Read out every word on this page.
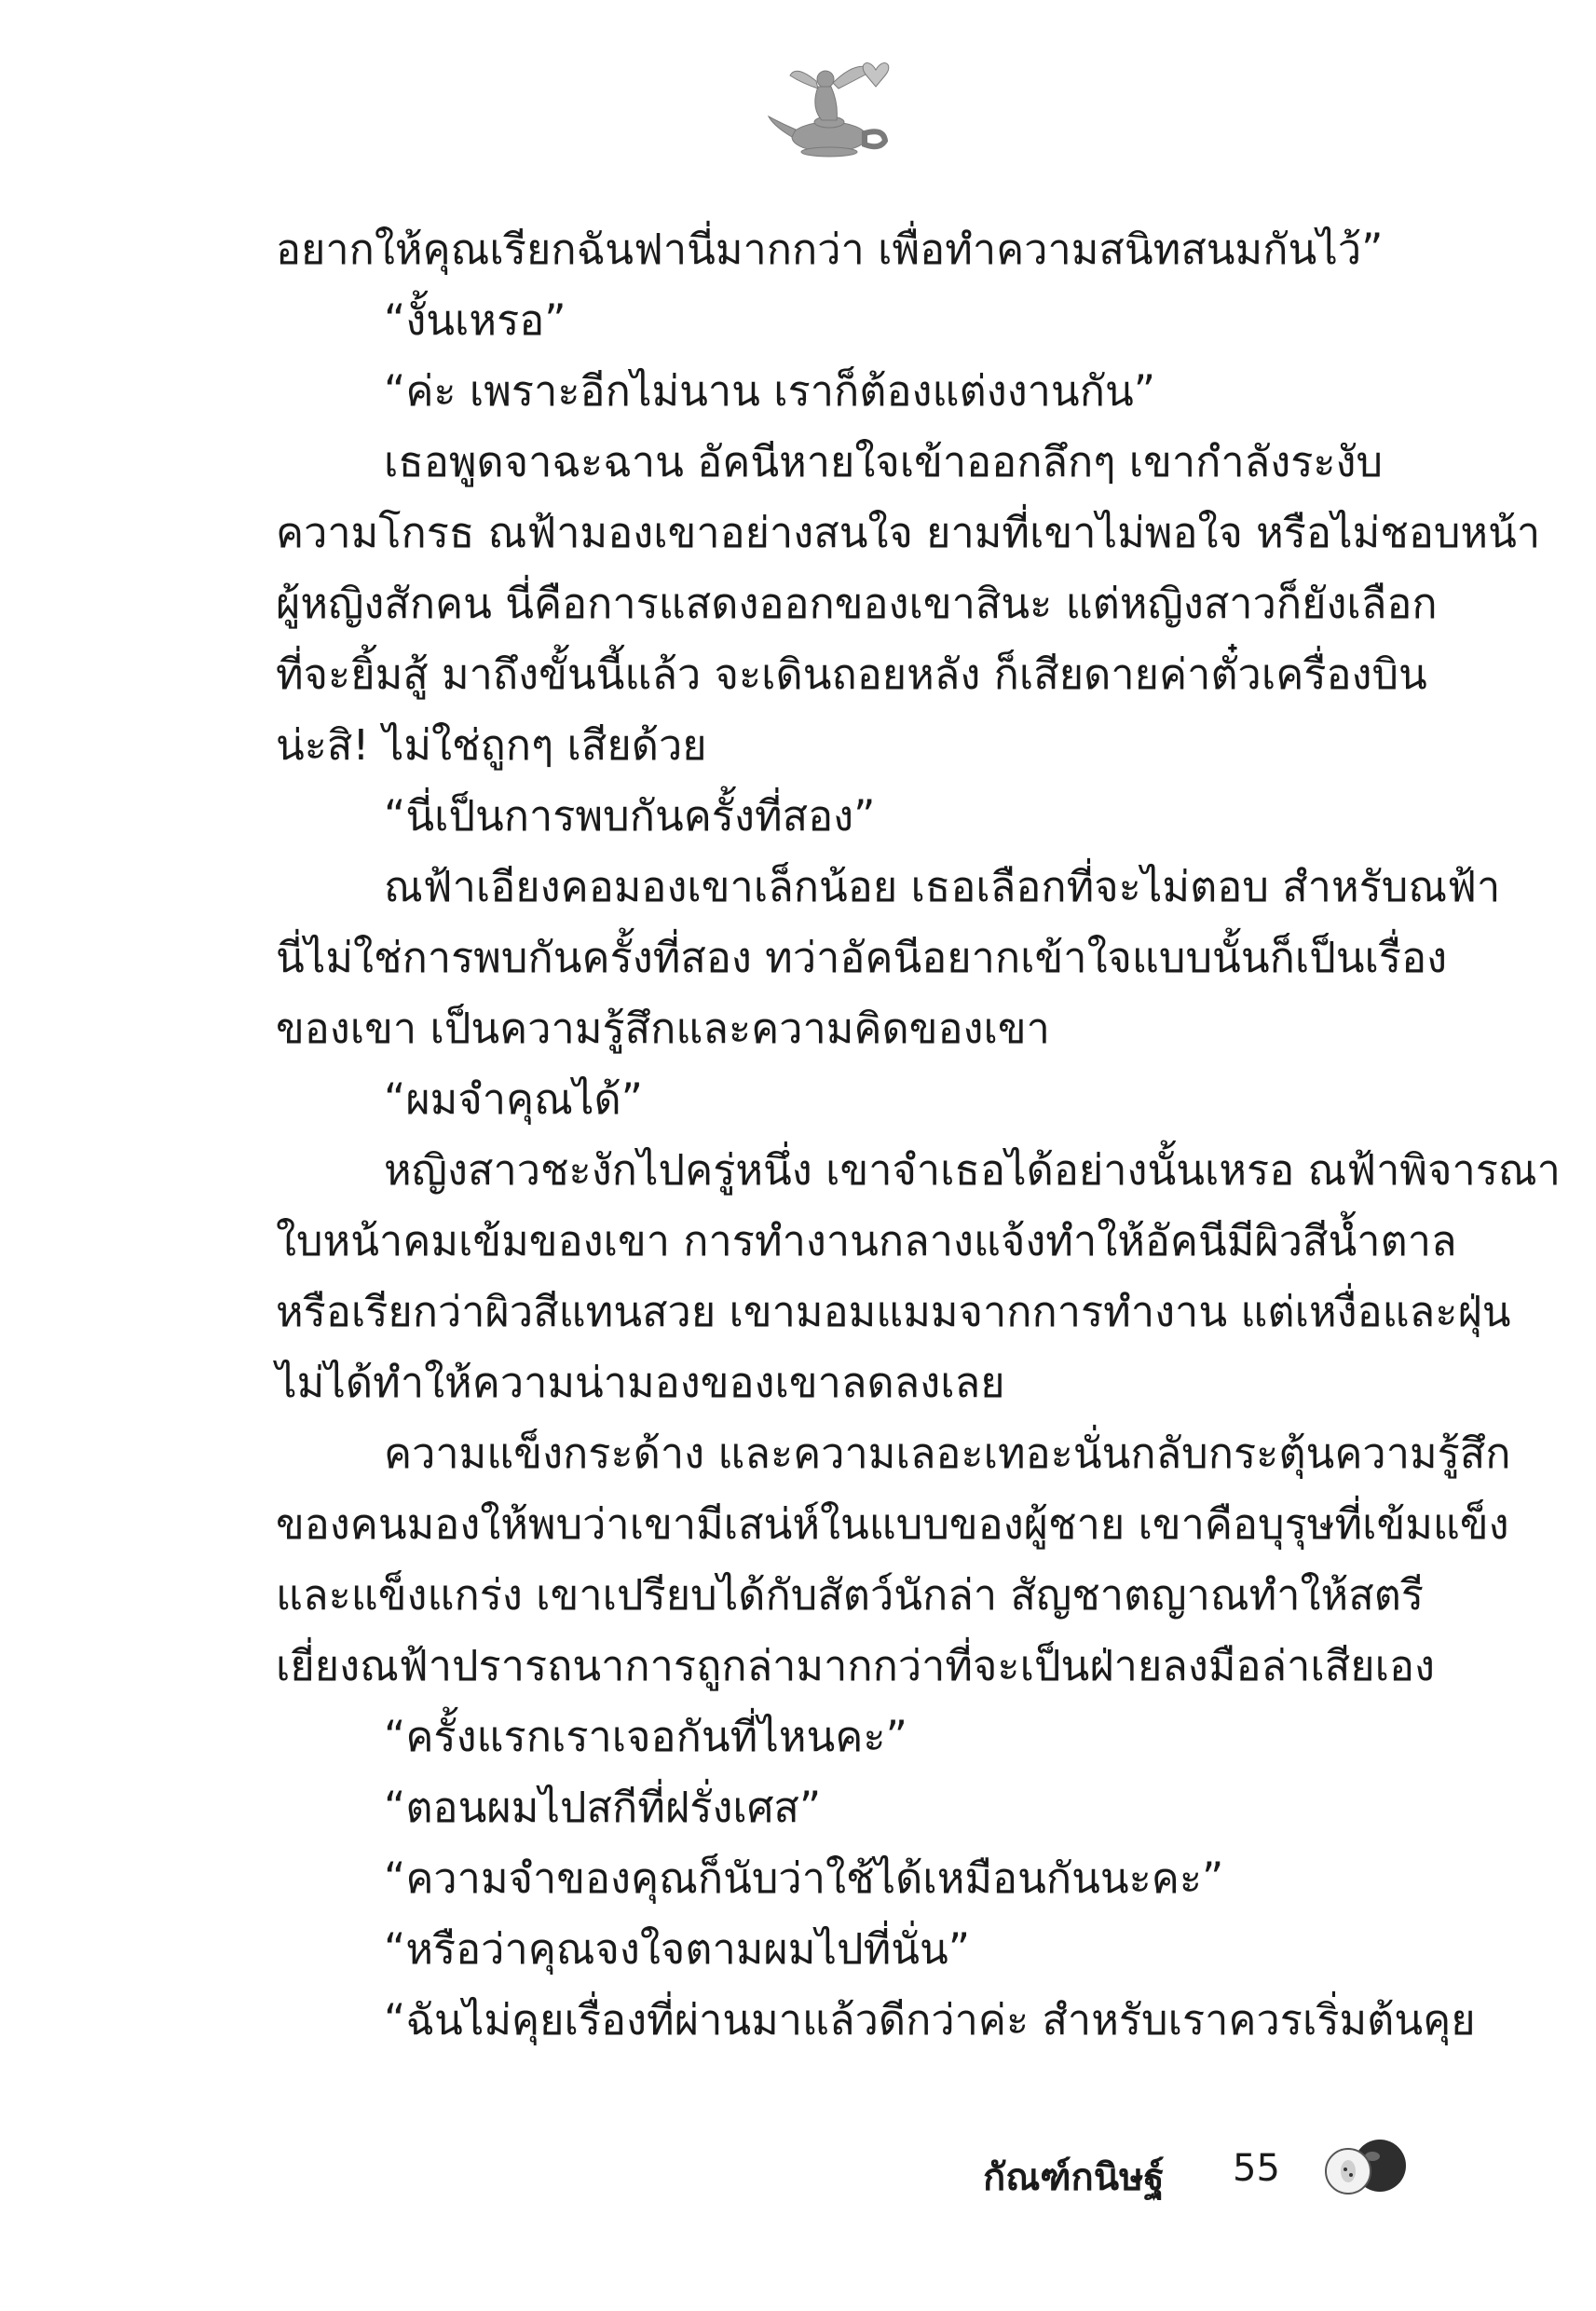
อยากให้คุณเรียกฉันฟานี่มากกว่า เพื่อทำความสนิทสนมกันไว้”
“งั้นเหรอ”
“ค่ะ เพราะอีกไม่นาน เราก็ต้องแต่งงานกัน”
เธอพูดจาฉะฉาน อัคนีหายใจเข้าออกลึกๆ เขากำลังระงับ
ความโกรธ ณฟ้ามองเขาอย่างสนใจ ยามที่เขาไม่พอใจ หรือไม่ชอบหน้า
ผู้หญิงสักคน นี่คือการแสดงออกของเขาสินะ แต่หญิงสาวก็ยังเลือก
ที่จะยิ้มสู้ มาถึงขั้นนี้แล้ว จะเดินถอยหลัง ก็เสียดายค่าตั๋วเครื่องบิน
น่ะสิ! ไม่ใช่ถูกๆ เสียด้วย
“นี่เป็นการพบกันครั้งที่สอง”
ณฟ้าเอียงคอมองเขาเล็กน้อย เธอเลือกที่จะไม่ตอบ สำหรับณฟ้า
นี่ไม่ใช่การพบกันครั้งที่สอง ทว่าอัคนีอยากเข้าใจแบบนั้นก็เป็นเรื่อง
ของเขา เป็นความรู้สึกและความคิดของเขา
“ผมจำคุณได้”
หญิงสาวชะงักไปครู่หนึ่ง เขาจำเธอได้อย่างนั้นเหรอ ณฟ้าพิจารณา
ใบหน้าคมเข้มของเขา การทำงานกลางแจ้งทำให้อัคนีมีผิวสีน้ำตาล
หรือเรียกว่าผิวสีแทนสวย เขามอมแมมจากการทำงาน แต่เหงื่อและฝุ่น
ไม่ได้ทำให้ความน่ามองของเขาลดลงเลย
ความแข็งกระด้าง และความเลอะเทอะนั่นกลับกระตุ้นความรู้สึก
ของคนมองให้พบว่าเขามีเสน่ห์ในแบบของผู้ชาย เขาคือบุรุษที่เข้มแข็ง
และแข็งแกร่ง เขาเปรียบได้กับสัตว์นักล่า สัญชาตญาณทำให้สตรี
เยี่ยงณฟ้าปรารถนาการถูกล่ามากกว่าที่จะเป็นฝ่ายลงมือล่าเสียเอง
“ครั้งแรกเราเจอกันที่ไหนคะ”
“ตอนผมไปสกีที่ฝรั่งเศส”
“ความจำของคุณก็นับว่าใช้ได้เหมือนกันนะคะ”
“หรือว่าคุณจงใจตามผมไปที่นั่น”
“ฉันไม่คุยเรื่องที่ผ่านมาแล้วดีกว่าค่ะ สำหรับเราควรเริ่มต้นคุย
กัณฑ์กนิษฐ์ 55
